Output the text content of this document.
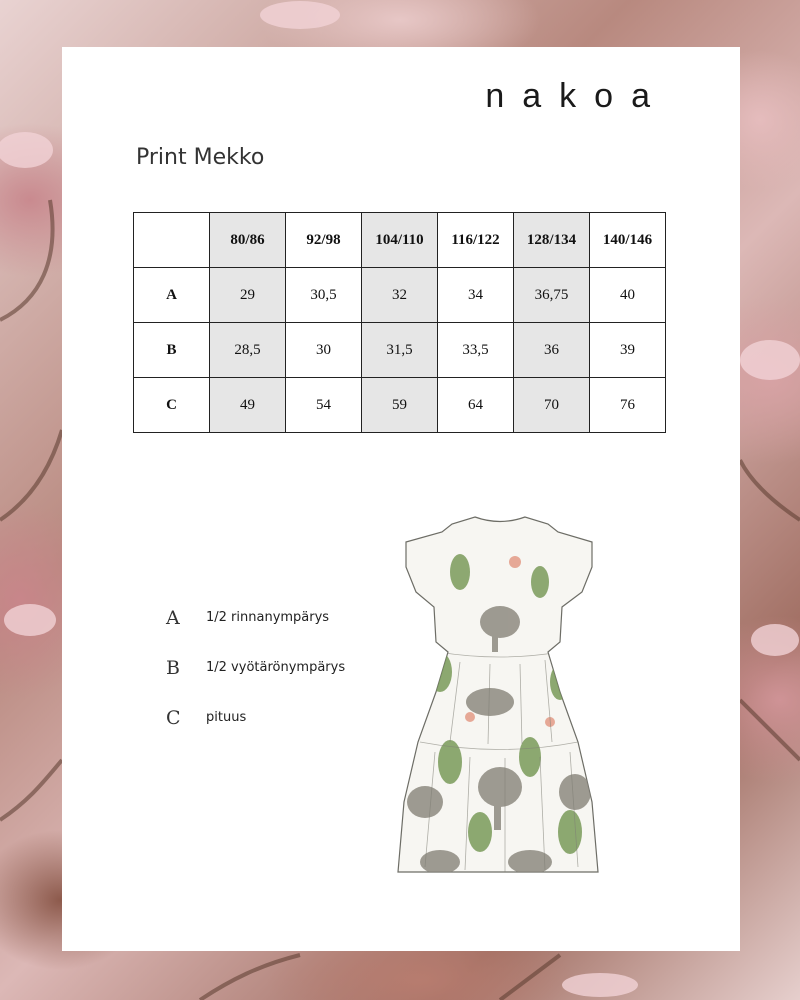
nakoa
Print Mekko
	80/86	92/98	104/110	116/122	128/134	140/146
A	29	30,5	32	34	36,75	40
B	28,5	30	31,5	33,5	36	39
C	49	54	59	64	70	76
A 1/2 rinnanympärys
B 1/2 vyötärönympärys
C pituus
